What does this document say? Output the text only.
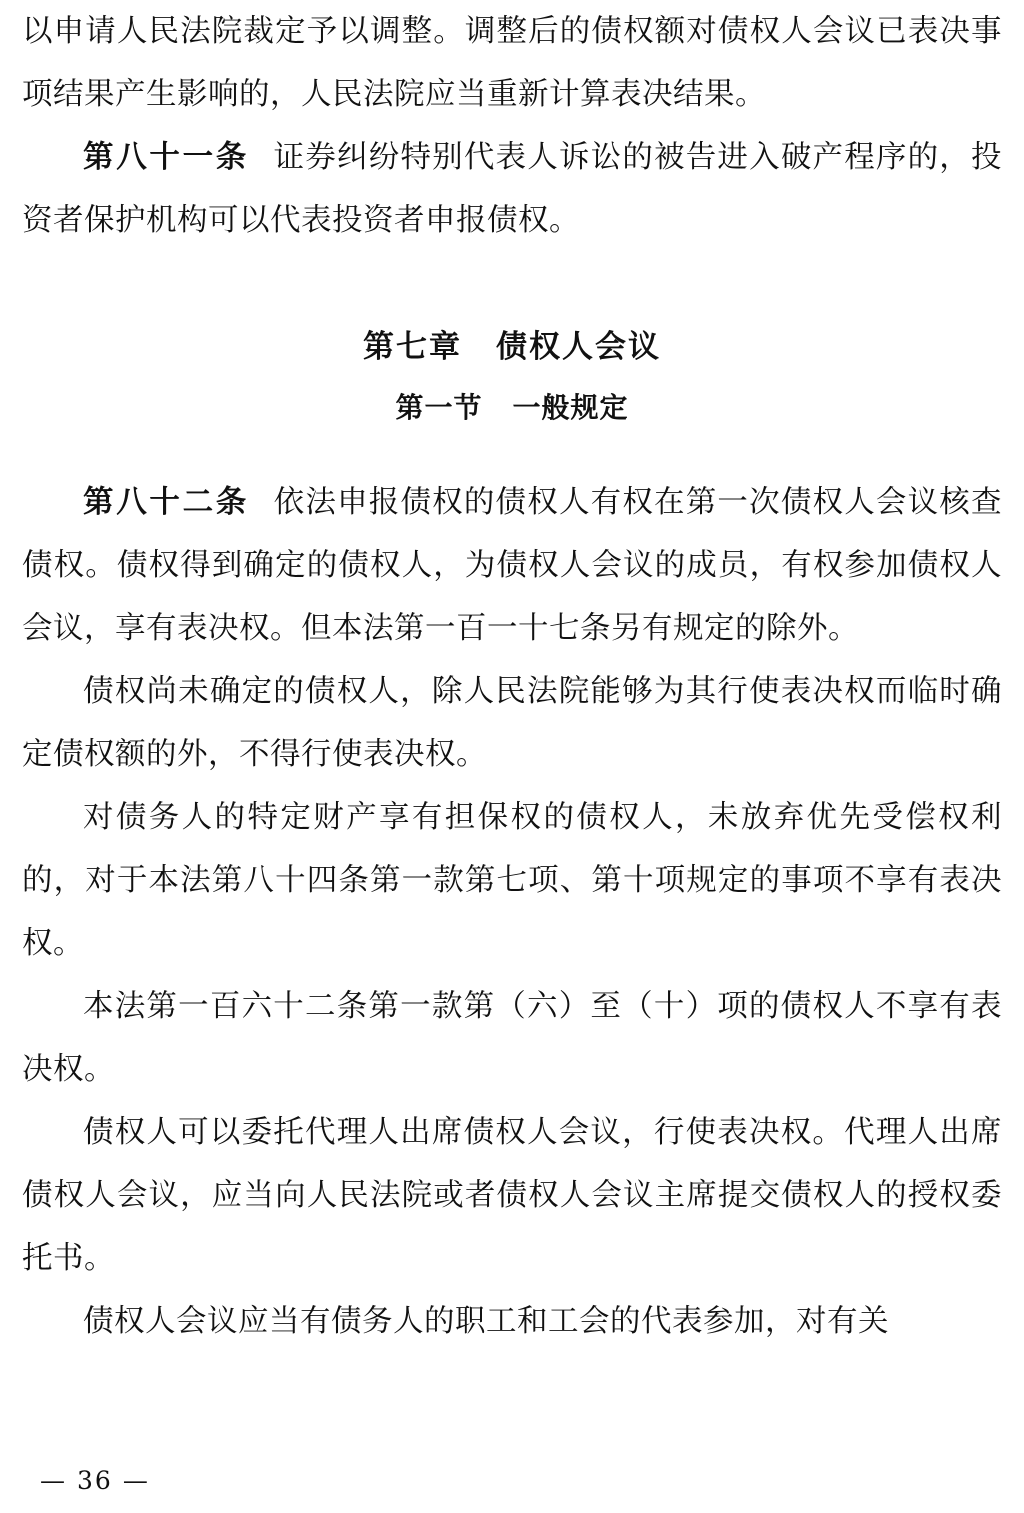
以申请人民法院裁定予以调整。调整后的债权额对债权人会议已表决事项结果产生影响的，人民法院应当重新计算表决结果。

第八十一条 证券纠纷特别代表人诉讼的被告进入破产程序的，投资者保护机构可以代表投资者申报债权。

第七章 债权人会议
第一节 一般规定

第八十二条 依法申报债权的债权人有权在第一次债权人会议核查债权。债权得到确定的债权人，为债权人会议的成员，有权参加债权人会议，享有表决权。但本法第一百一十七条另有规定的除外。

债权尚未确定的债权人，除人民法院能够为其行使表决权而临时确定债权额的外，不得行使表决权。

对债务人的特定财产享有担保权的债权人，未放弃优先受偿权利的，对于本法第八十四条第一款第七项、第十项规定的事项不享有表决权。

本法第一百六十二条第一款第（六）至（十）项的债权人不享有表决权。

债权人可以委托代理人出席债权人会议，行使表决权。代理人出席债权人会议，应当向人民法院或者债权人会议主席提交债权人的授权委托书。

债权人会议应当有债务人的职工和工会的代表参加，对有关

— 36 —
